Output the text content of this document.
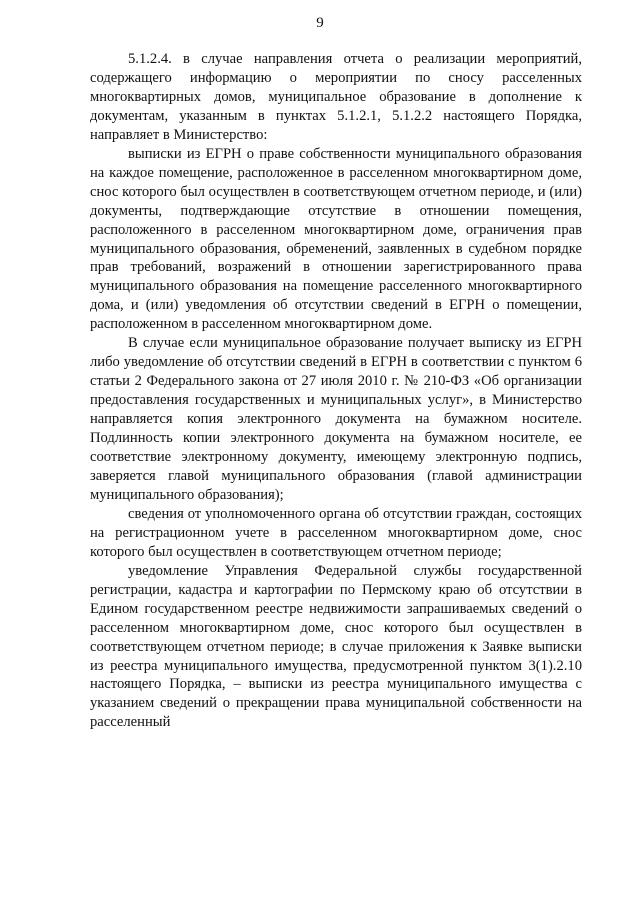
9

5.1.2.4. в случае направления отчета о реализации мероприятий, содержащего информацию о мероприятии по сносу расселенных многоквартирных домов, муниципальное образование в дополнение к документам, указанным в пунктах 5.1.2.1, 5.1.2.2 настоящего Порядка, направляет в Министерство:

выписки из ЕГРН о праве собственности муниципального образования на каждое помещение, расположенное в расселенном многоквартирном доме, снос которого был осуществлен в соответствующем отчетном периоде, и (или) документы, подтверждающие отсутствие в отношении помещения, расположенного в расселенном многоквартирном доме, ограничения прав муниципального образования, обременений, заявленных в судебном порядке прав требований, возражений в отношении зарегистрированного права муниципального образования на помещение расселенного многоквартирного дома, и (или) уведомления об отсутствии сведений в ЕГРН о помещении, расположенном в расселенном многоквартирном доме.

В случае если муниципальное образование получает выписку из ЕГРН либо уведомление об отсутствии сведений в ЕГРН в соответствии с пунктом 6 статьи 2 Федерального закона от 27 июля 2010 г. № 210-ФЗ «Об организации предоставления государственных и муниципальных услуг», в Министерство направляется копия электронного документа на бумажном носителе. Подлинность копии электронного документа на бумажном носителе, ее соответствие электронному документу, имеющему электронную подпись, заверяется главой муниципального образования (главой администрации муниципального образования);

сведения от уполномоченного органа об отсутствии граждан, состоящих на регистрационном учете в расселенном многоквартирном доме, снос которого был осуществлен в соответствующем отчетном периоде;

уведомление Управления Федеральной службы государственной регистрации, кадастра и картографии по Пермскому краю об отсутствии в Едином государственном реестре недвижимости запрашиваемых сведений о расселенном многоквартирном доме, снос которого был осуществлен в соответствующем отчетном периоде; в случае приложения к Заявке выписки из реестра муниципального имущества, предусмотренной пунктом 3(1).2.10 настоящего Порядка, – выписки из реестра муниципального имущества с указанием сведений о прекращении права муниципальной собственности на расселенный
